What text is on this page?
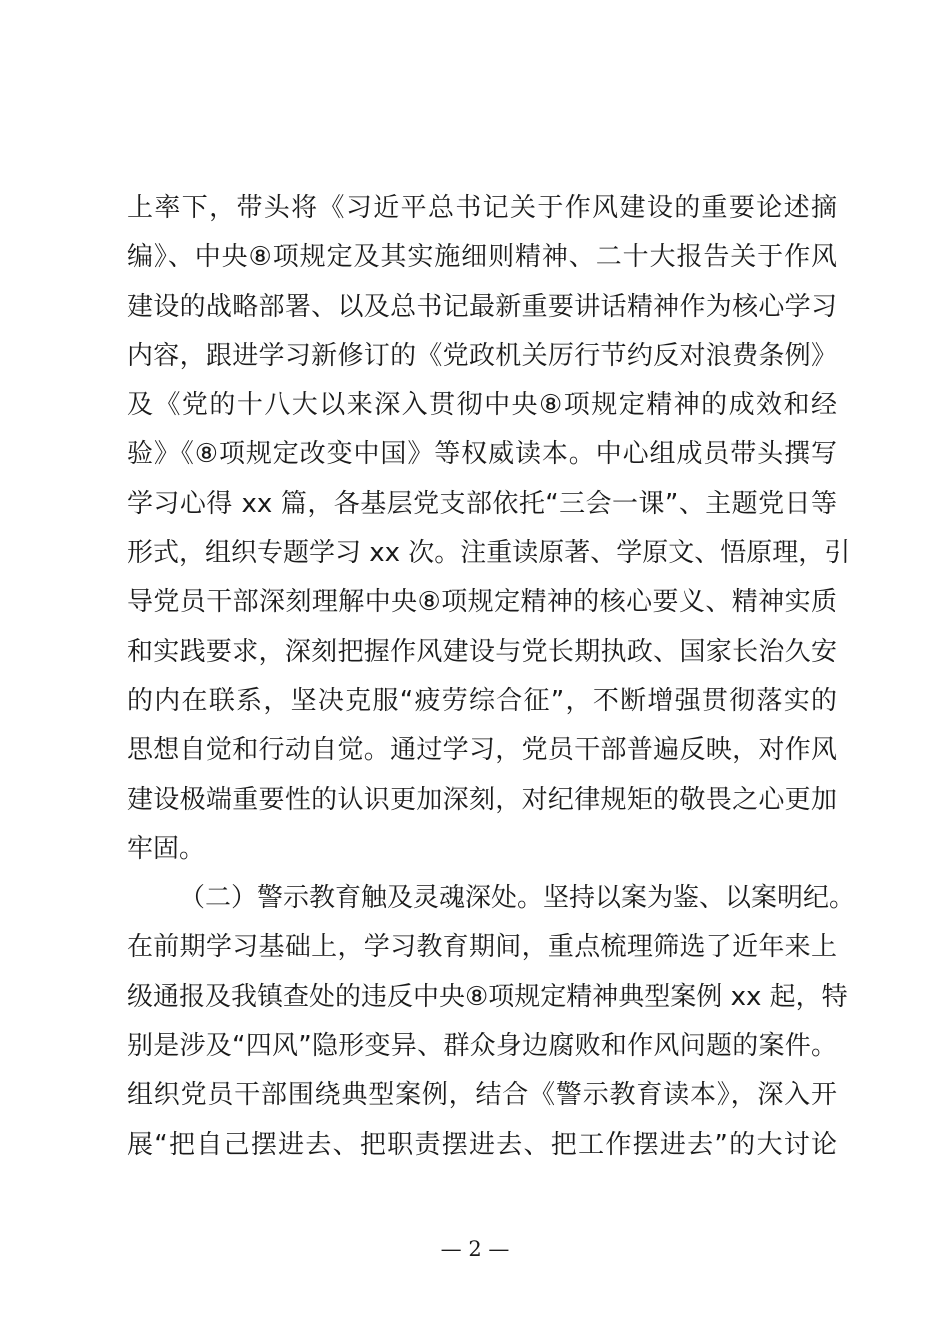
上率下，带头将《习近平总书记关于作风建设的重要论述摘
编》、中央⑧项规定及其实施细则精神、二十大报告关于作风
建设的战略部署、以及总书记最新重要讲话精神作为核心学习
内容，跟进学习新修订的《党政机关厉行节约反对浪费条例》
及《党的十八大以来深入贯彻中央⑧项规定精神的成效和经
验》《⑧项规定改变中国》等权威读本。中心组成员带头撰写
学习心得 xx 篇，各基层党支部依托“三会一课”、主题党日等
形式，组织专题学习 xx 次。注重读原著、学原文、悟原理，引
导党员干部深刻理解中央⑧项规定精神的核心要义、精神实质
和实践要求，深刻把握作风建设与党长期执政、国家长治久安
的内在联系，坚决克服“疲劳综合征”，不断增强贯彻落实的
思想自觉和行动自觉。通过学习，党员干部普遍反映，对作风
建设极端重要性的认识更加深刻，对纪律规矩的敬畏之心更加
牢固。
（二）警示教育触及灵魂深处。坚持以案为鉴、以案明纪。
在前期学习基础上，学习教育期间，重点梳理筛选了近年来上
级通报及我镇查处的违反中央⑧项规定精神典型案例 xx 起，特
别是涉及“四风”隐形变异、群众身边腐败和作风问题的案件。
组织党员干部围绕典型案例，结合《警示教育读本》，深入开
展“把自己摆进去、把职责摆进去、把工作摆进去”的大讨论
— 2 —
